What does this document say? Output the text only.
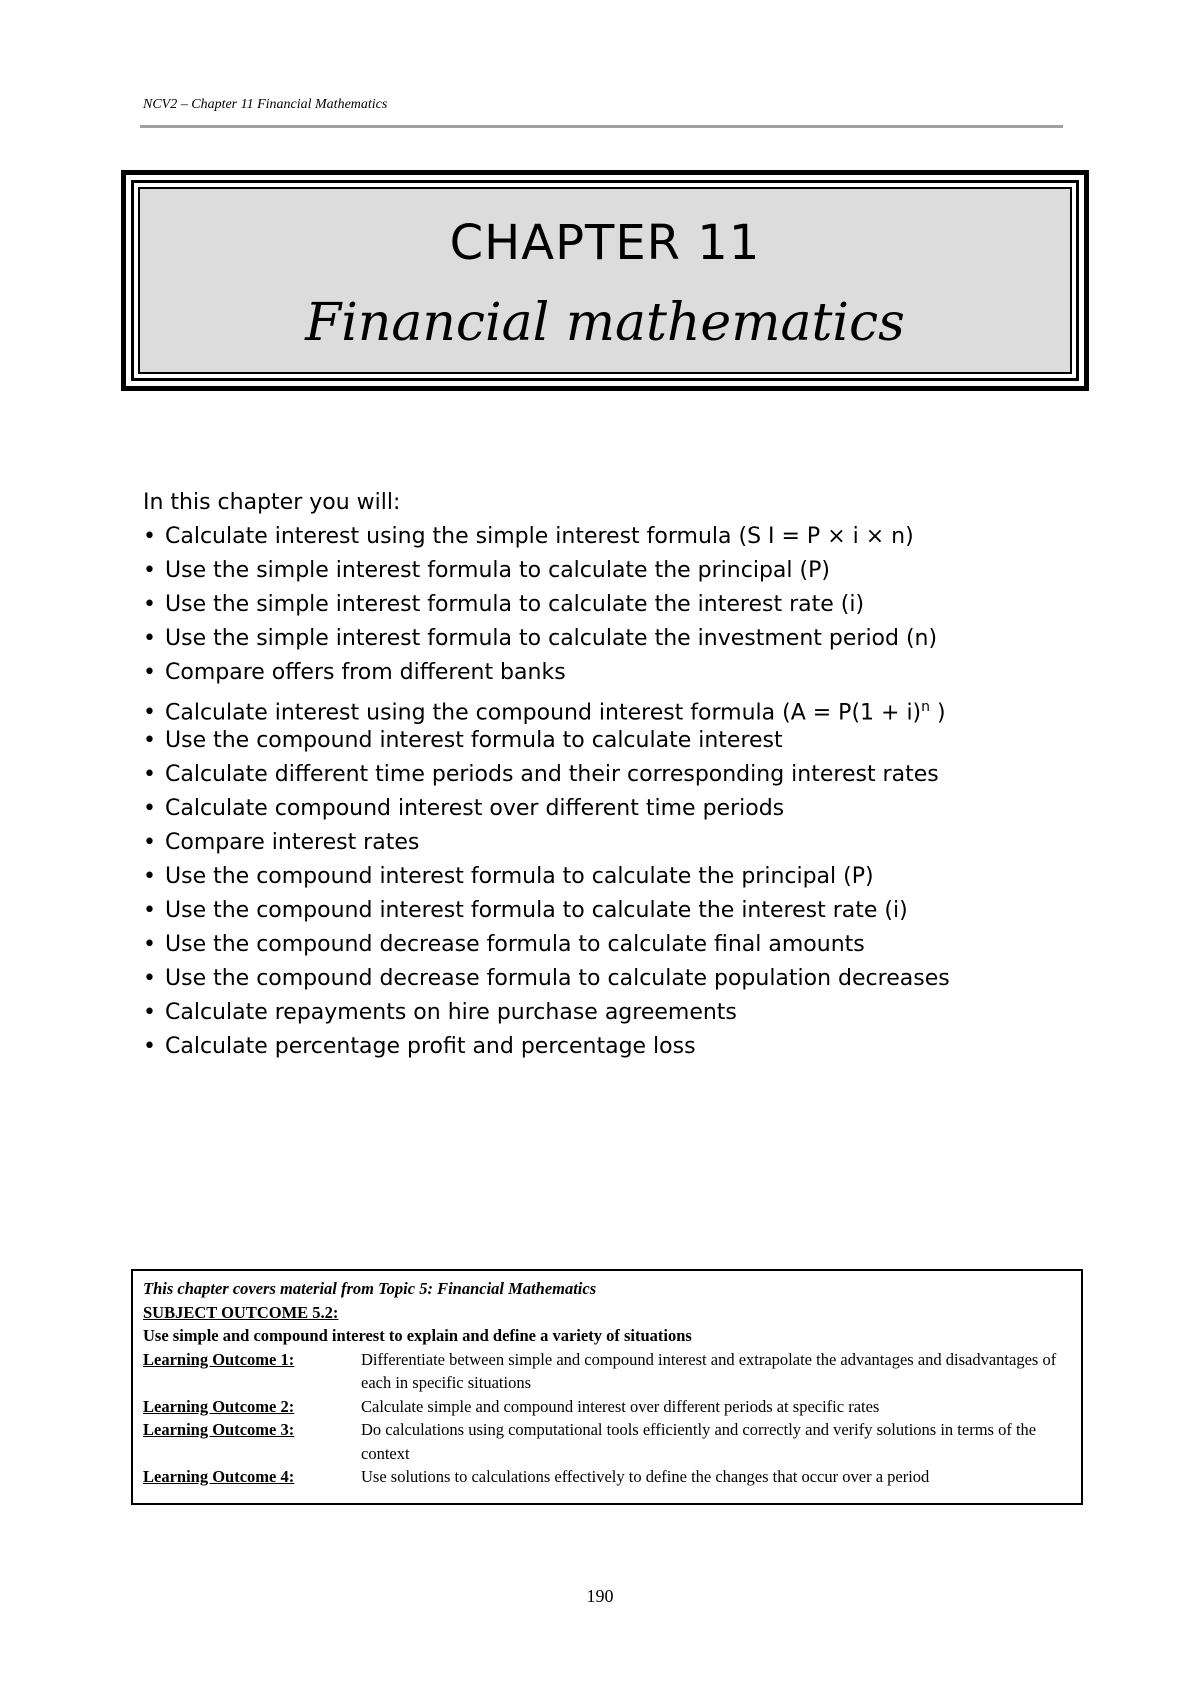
NCV2 – Chapter 11 Financial Mathematics
CHAPTER 11
Financial mathematics
In this chapter you will:
• Calculate interest using the simple interest formula (S I = P × i × n)
• Use the simple interest formula to calculate the principal (P)
• Use the simple interest formula to calculate the interest rate (i)
• Use the simple interest formula to calculate the investment period (n)
• Compare offers from different banks
• Calculate interest using the compound interest formula ($A = P(1 + i)^n$ )
• Use the compound interest formula to calculate interest
• Calculate different time periods and their corresponding interest rates
• Calculate compound interest over different time periods
• Compare interest rates
• Use the compound interest formula to calculate the principal (P)
• Use the compound interest formula to calculate the interest rate (i)
• Use the compound decrease formula to calculate final amounts
• Use the compound decrease formula to calculate population decreases
• Calculate repayments on hire purchase agreements
• Calculate percentage profit and percentage loss
This chapter covers material from Topic 5: Financial Mathematics
SUBJECT OUTCOME 5.2:
Use simple and compound interest to explain and define a variety of situations
Learning Outcome 1:	Differentiate between simple and compound interest and extrapolate the advantages and disadvantages of each in specific situations
Learning Outcome 2:	Calculate simple and compound interest over different periods at specific rates
Learning Outcome 3:	Do calculations using computational tools efficiently and correctly and verify solutions in terms of the context
Learning Outcome 4:	Use solutions to calculations effectively to define the changes that occur over a period
190
